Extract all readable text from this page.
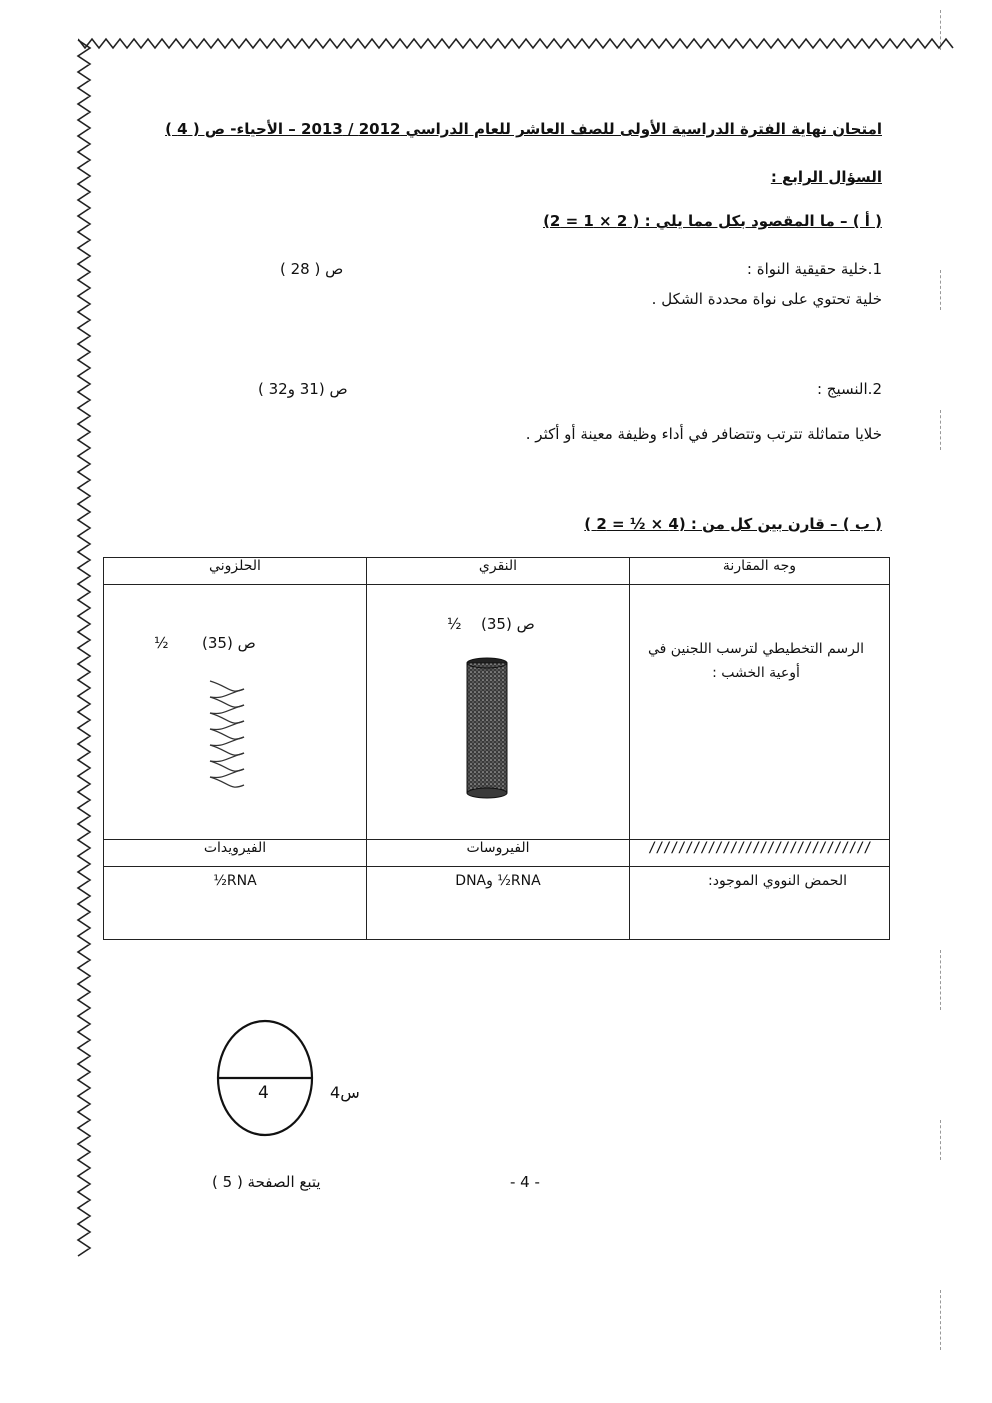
امتحان نهاية الفترة الدراسية الأولى للصف العاشر للعام الدراسي 2012 / 2013 – الأحياء- ص ( 4 )
السؤال الرابع :
( أ ) – ما المقصود بكل مما يلي : ( 2 × 1 = 2)
1.خلية حقيقية النواة :
ص ( 28 )
خلية تحتوي على نواة محددة الشكل .
2.النسيج :
ص (31 و32 )
خلايا متماثلة تترتب وتتضافر في أداء وظيفة معينة أو أكثر .
( ب ) – قارن بين كل من : (4 × ½ = 2 )
وجه المقارنة	النقري	الحلزوني

الرسم التخطيطي لترسب اللجنين في أوعية الخشب :	½ ص (35)	½ ص (35)

//////////////////////////////	الفيروسات	الفيرويدات

الحمض النووي الموجود:	RNA½ وDNA	RNA½
4	س4
يتبع الصفحة ( 5 )	- 4 -
